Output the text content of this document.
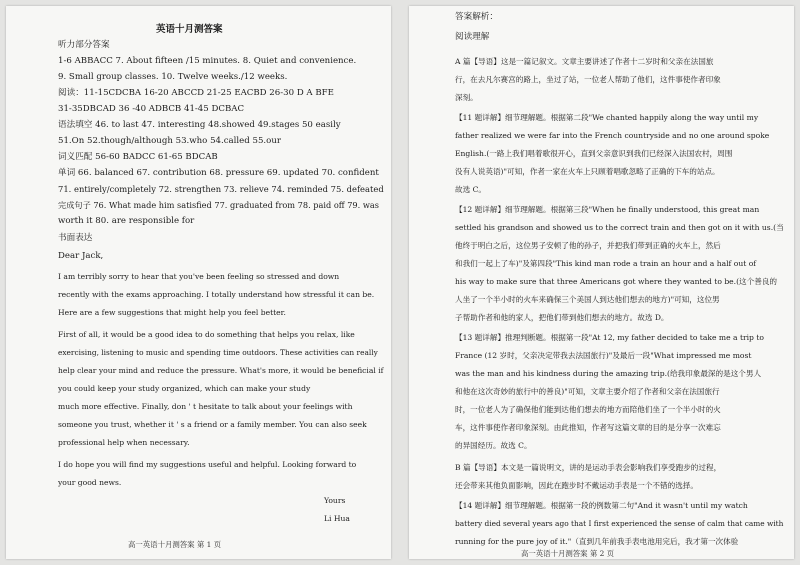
英语十月测答案
听力部分答案
1-6 ABBACC 7. About fifteen /15 minutes. 8. Quiet and convenience.
9. Small group classes. 10. Twelve weeks./12 weeks.
阅读：11-15CDCBA 16-20 ABCCD 21-25 EACBD 26-30 D A BFE
31-35DBCAD 36 -40 ADBCB 41-45 DCBAC
语法填空 46. to last 47. interesting 48.showed 49.stages 50 easily
51.On 52.though/although 53.who 54.called 55.our
词义匹配 56-60 BADCC 61-65 BDCAB
单词 66. balanced 67. contribution 68. pressure 69. updated 70. confident
71. entirely/completely 72. strengthen 73. relieve 74. reminded 75. defeated
完成句子 76. What made him satisfied 77. graduated from 78. paid off 79. was
worth it 80. are responsible for
书面表达
Dear Jack,
I am terribly sorry to hear that you've been feeling so stressed and down
recently with the exams approaching. I totally understand how stressful it can be.
Here are a few suggestions that might help you feel better.
First of all, it would be a good idea to do something that helps you relax, like
exercising, listening to music and spending time outdoors. These activities can really
help clear your mind and reduce the pressure. What's more, it would be beneficial if
you could keep your study organized, which can make your study
much more effective. Finally, don ' t hesitate to talk about your feelings with
someone you trust, whether it ' s a friend or a family member. You can also seek
professional help when necessary.
I do hope you will find my suggestions useful and helpful. Looking forward to
your good news.
Yours
Li Hua
高一英语十月测答案 第 1 页
答案解析：
阅读理解
A 篇【导语】这是一篇记叙文。文章主要讲述了作者十二岁时和父亲在法国旅
行，在去凡尔赛宫的路上，坐过了站，一位老人帮助了他们，这件事使作者印象
深刻。
【11 题详解】细节理解题。根据第二段"We chanted happily along the way until my
father realized we were far into the French countryside and no one around spoke
English.(一路上我们唱着歌很开心，直到父亲意识到我们已经深入法国农村，周围
没有人说英语)"可知，作者一家在火车上只顾着唱歌忽略了正确的下车的站点。
故选 C。
【12 题详解】细节理解题。根据第三段"When he finally understood, this great man
settled his grandson and showed us to the correct train and then got on it with us.(当
他终于明白之后，这位男子安顿了他的孙子，并把我们带到正确的火车上，然后
和我们一起上了车)"及第四段"This kind man rode a train an hour and a half out of
his way to make sure that three Americans got where they wanted to be.(这个善良的
人坐了一个半小时的火车来确保三个美国人到达他们想去的地方)"可知，这位男
子帮助作者和他的家人，把他们带到他们想去的地方。故选 D。
【13 题详解】推理判断题。根据第一段"At 12, my father decided to take me a trip to
France (12 岁时，父亲决定带我去法国旅行)"及最后一段"What impressed me most
was the man and his kindness during the amazing trip.(给我印象最深的是这个男人
和他在这次奇妙的旅行中的善良)"可知，文章主要介绍了作者和父亲在法国旅行
时，一位老人为了确保他们能到达他们想去的地方而陪他们坐了一个半小时的火
车，这件事使作者印象深刻。由此推知，作者写这篇文章的目的是分享一次难忘
的异国经历。故选 C。
B 篇【导语】本文是一篇说明文，讲的是运动手表会影响我们享受跑步的过程，
还会带来其他负面影响，因此在跑步时不戴运动手表是一个不错的选择。
【14 题详解】细节理解题。根据第一段的例数第二句"And it wasn't until my watch
battery died several years ago that I first experienced the sense of calm that came with
running for the pure joy of it."（直到几年前我手表电池用完后，我才第一次体验
高一英语十月测答案 第 2 页
